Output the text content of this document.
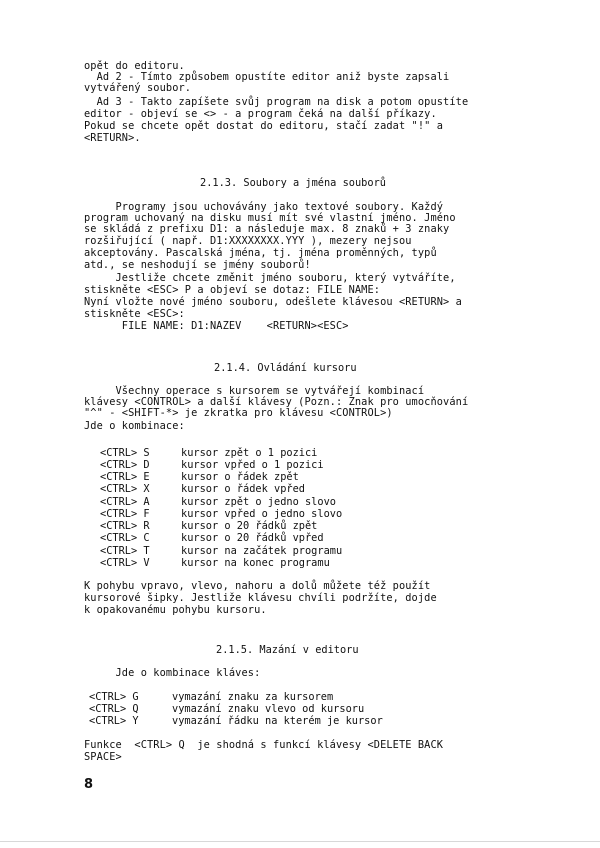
opět do editoru.
Ad 2 - Tímto způsobem opustíte editor aniž byste zapsali
vytvářený soubor.
Ad 3 - Takto zapíšete svůj program na disk a potom opustíte
editor - objeví se <> - a program čeká na další příkazy.
Pokud se chcete opět dostat do editoru, stačí zadat "!" a
<RETURN>.
2.1.3. Soubory a jména souborů
Programy jsou uchovávány jako textové soubory. Každý
program uchovaný na disku musí mít své vlastní jméno. Jméno
se skládá z prefixu D1: a následuje max. 8 znaků + 3 znaky
rozšiřující ( např. D1:XXXXXXXX.YYY ), mezery nejsou
akceptovány. Pascalská jména, tj. jména proměnných, typů
atd., se neshodují se jmény souborů!
Jestliže chcete změnit jméno souboru, který vytváříte,
stiskněte <ESC> P a objeví se dotaz: FILE NAME:
Nyní vložte nové jméno souboru, odešlete klávesou <RETURN> a
stiskněte <ESC>:
FILE NAME: D1:NAZEV    <RETURN><ESC>
2.1.4. Ovládání kursoru
Všechny operace s kursorem se vytvářejí kombinací
klávesy <CONTROL> a další klávesy (Pozn.: Znak pro umocňování
"^" - <SHIFT-*> je zkratka pro klávesu <CONTROL>)
Jde o kombinace:
<CTRL> S	kursor zpět o 1 pozici
<CTRL> D	kursor vpřed o 1 pozici
<CTRL> E	kursor o řádek zpět
<CTRL> X	kursor o řádek vpřed
<CTRL> A	kursor zpět o jedno slovo
<CTRL> F	kursor vpřed o jedno slovo
<CTRL> R	kursor o 20 řádků zpět
<CTRL> C	kursor o 20 řádků vpřed
<CTRL> T	kursor na začátek programu
<CTRL> V	kursor na konec programu
K pohybu vpravo, vlevo, nahoru a dolů můžete též použít
kursorové šipky. Jestliže klávesu chvíli podržíte, dojde
k opakovanému pohybu kursoru.
2.1.5. Mazání v editoru
Jde o kombinace kláves:
<CTRL> G	vymazání znaku za kursorem
<CTRL> Q	vymazání znaku vlevo od kursoru
<CTRL> Y	vymazání řádku na kterém je kursor
Funkce  <CTRL> Q  je shodná s funkcí klávesy <DELETE BACK
SPACE>
8
